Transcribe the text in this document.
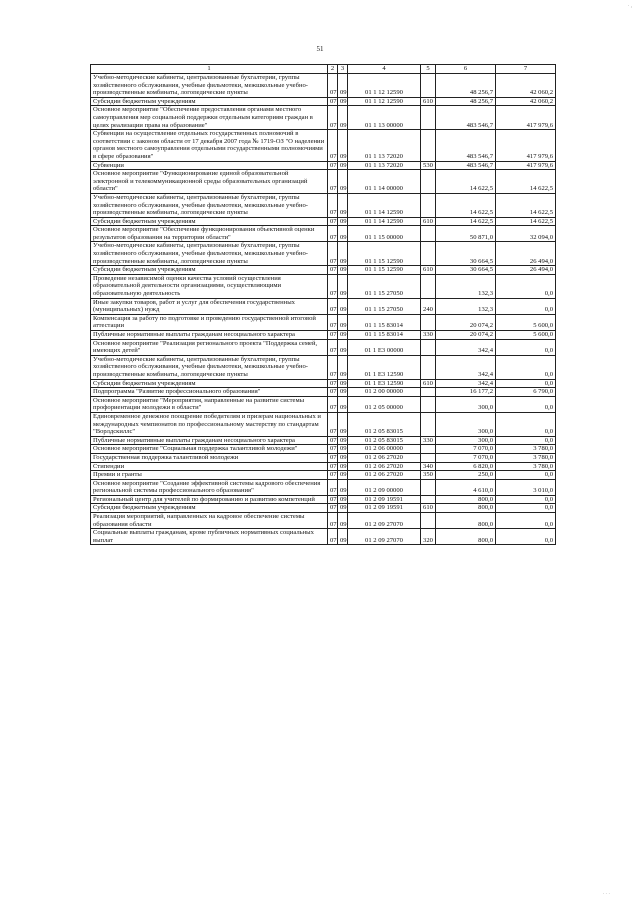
· ,
51
1	2	3	4	5	6	7
Учебно-методические кабинеты, централизованные бухгалтерии, группы хозяйственного обслуживания, учебные фильмотеки, межшкольные учебно-производственные комбинаты, логопедические пункты	07	09	01 1 12 12590		48 256,7	42 060,2
Субсидии бюджетным учреждениям	07	09	01 1 12 12590	610	48 256,7	42 060,2
Основное мероприятие "Обеспечение предоставления органами местного самоуправления мер социальной поддержки отдельным категориям граждан в целях реализации права на образование"	07	09	01 1 13 00000		483 546,7	417 979,6
Субвенции на осуществление отдельных государственных полномочий в соответствии с законом области от 17 декабря 2007 года № 1719-ОЗ "О наделении органов местного самоуправления отдельными государственными полномочиями в сфере образования"	07	09	01 1 13 72020		483 546,7	417 979,6
Субвенции	07	09	01 1 13 72020	530	483 546,7	417 979,6
Основное мероприятие "Функционирование единой образовательной электронной и телекоммуникационной среды образовательных организаций области"	07	09	01 1 14 00000		14 622,5	14 622,5
Учебно-методические кабинеты, централизованные бухгалтерии, группы хозяйственного обслуживания, учебные фильмотеки, межшкольные учебно-производственные комбинаты, логопедические пункты	07	09	01 1 14 12590		14 622,5	14 622,5
Субсидии бюджетным учреждениям	07	09	01 1 14 12590	610	14 622,5	14 622,5
Основное мероприятие "Обеспечение функционирования объективной оценки результатов образования на территории области"	07	09	01 1 15 00000		50 871,0	32 094,0
Учебно-методические кабинеты, централизованные бухгалтерии, группы хозяйственного обслуживания, учебные фильмотеки, межшкольные учебно-производственные комбинаты, логопедические пункты	07	09	01 1 15 12590		30 664,5	26 494,0
Субсидии бюджетным учреждениям	07	09	01 1 15 12590	610	30 664,5	26 494,0
Проведение независимой оценки качества условий осуществления образовательной деятельности организациями, осуществляющими образовательную деятельность	07	09	01 1 15 27050		132,3	0,0
Иные закупки товаров, работ и услуг для обеспечения государственных (муниципальных) нужд	07	09	01 1 15 27050	240	132,3	0,0
Компенсация за работу по подготовке и проведению государственной итоговой аттестации	07	09	01 1 15 83014		20 074,2	5 600,0
Публичные нормативные выплаты гражданам несоциального характера	07	09	01 1 15 83014	330	20 074,2	5 600,0
Основное мероприятие "Реализация регионального проекта "Поддержка семей, имеющих детей"	07	09	01 1 E3 00000		342,4	0,0
Учебно-методические кабинеты, централизованные бухгалтерии, группы хозяйственного обслуживания, учебные фильмотеки, межшкольные учебно-производственные комбинаты, логопедические пункты	07	09	01 1 E3 12590		342,4	0,0
Субсидии бюджетным учреждениям	07	09	01 1 E3 12590	610	342,4	0,0
Подпрограмма "Развитие профессионального образования"	07	09	01 2 00 00000		16 177,2	6 790,0
Основное мероприятие "Мероприятия, направленные на развитие системы профориентации молодежи в области"	07	09	01 2 05 00000		300,0	0,0
Единовременное денежное поощрение победителям и призерам национальных и международных чемпионатов по профессиональному мастерству по стандартам "Ворлдскиллс"	07	09	01 2 05 83015		300,0	0,0
Публичные нормативные выплаты гражданам несоциального характера	07	09	01 2 05 83015	330	300,0	0,0
Основное мероприятие "Социальная поддержка талантливой молодежи"	07	09	01 2 06 00000		7 070,0	3 780,0
Государственная поддержка талантливой молодежи	07	09	01 2 06 27020		7 070,0	3 780,0
Стипендии	07	09	01 2 06 27020	340	6 820,0	3 780,0
Премии и гранты	07	09	01 2 06 27020	350	250,0	0,0
Основное мероприятие "Создание эффективной системы кадрового обеспечения региональной системы профессионального образования"	07	09	01 2 09 00000		4 610,0	3 010,0
Региональный центр для учителей по формированию и развитию компетенций	07	09	01 2 09 19591		800,0	0,0
Субсидии бюджетным учреждениям	07	09	01 2 09 19591	610	800,0	0,0
Реализация мероприятий, направленных на кадровое обеспечение системы образования области	07	09	01 2 09 27070		800,0	0,0
Социальные выплаты гражданам, кроме публичных нормативных социальных выплат	07	09	01 2 09 27070	320	800,0	0,0
· · ·
